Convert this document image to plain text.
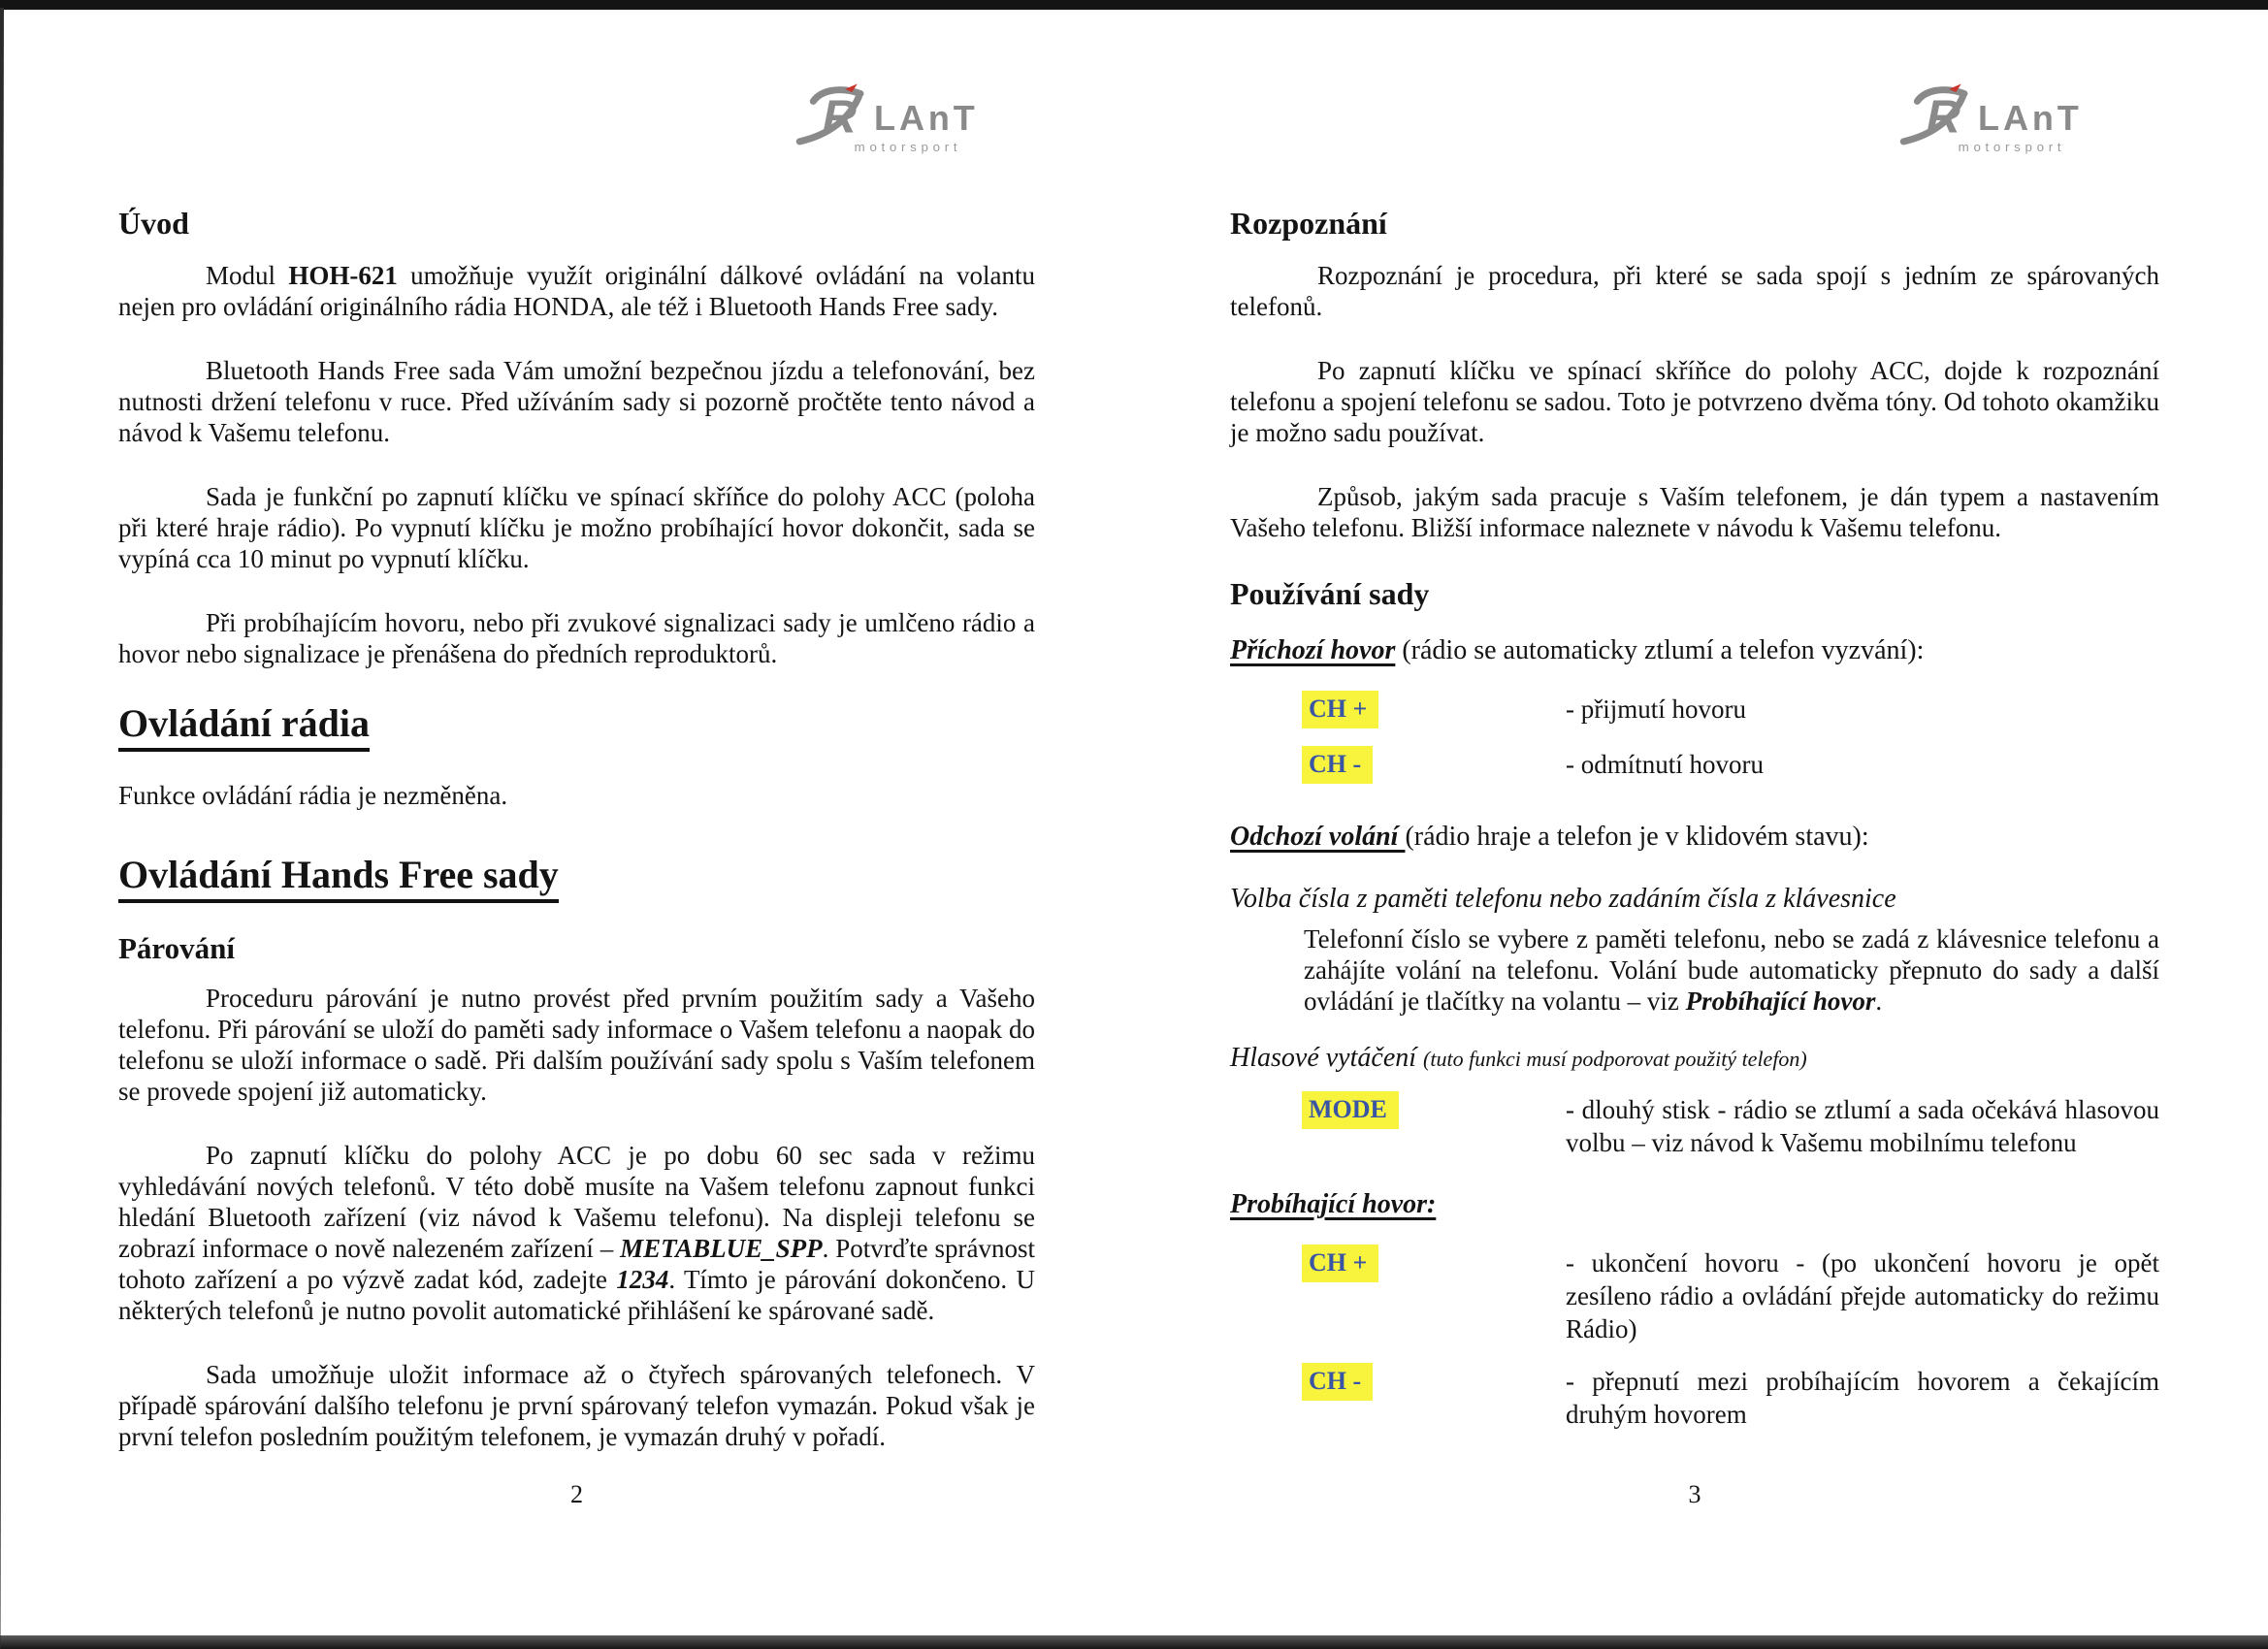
R LAnT
motorsport
R LAnT
motorsport
Úvod

Modul HOH-621 umožňuje využít originální dálkové ovládání na volantu nejen pro ovládání originálního rádia HONDA, ale též i Bluetooth Hands Free sady.

Bluetooth Hands Free sada Vám umožní bezpečnou jízdu a telefonování, bez nutnosti držení telefonu v ruce. Před užíváním sady si pozorně pročtěte tento návod a návod k Vašemu telefonu.

Sada je funkční po zapnutí klíčku ve spínací skříňce do polohy ACC (poloha při které hraje rádio). Po vypnutí klíčku je možno probíhající hovor dokončit, sada se vypíná cca 10 minut po vypnutí klíčku.

Při probíhajícím hovoru, nebo při zvukové signalizaci sady je umlčeno rádio a hovor nebo signalizace je přenášena do předních reproduktorů.

Ovládání rádia

Funkce ovládání rádia je nezměněna.

Ovládání Hands Free sady
Párování

Proceduru párování je nutno provést před prvním použitím sady a Vašeho telefonu. Při párování se uloží do paměti sady informace o Vašem telefonu a naopak do telefonu se uloží informace o sadě. Při dalším používání sady spolu s Vaším telefonem se provede spojení již automaticky.

Po zapnutí klíčku do polohy ACC je po dobu 60 sec sada v režimu vyhledávání nových telefonů. V této době musíte na Vašem telefonu zapnout funkci hledání Bluetooth zařízení (viz návod k Vašemu telefonu). Na displeji telefonu se zobrazí informace o nově nalezeném zařízení – METABLUE_SPP. Potvrďte správnost tohoto zařízení a po výzvě zadat kód, zadejte 1234. Tímto je párování dokončeno. U některých telefonů je nutno povolit automatické přihlášení ke spárované sadě.

Sada umožňuje uložit informace až o čtyřech spárovaných telefonech. V případě spárování dalšího telefonu je první spárovaný telefon vymazán. Pokud však je první telefon posledním použitým telefonem, je vymazán druhý v pořadí.

2
Rozpoznání

Rozpoznání je procedura, při které se sada spojí s jedním ze spárovaných telefonů.

Po zapnutí klíčku ve spínací skříňce do polohy ACC, dojde k rozpoznání telefonu a spojení telefonu se sadou. Toto je potvrzeno dvěma tóny. Od tohoto okamžiku je možno sadu používat.

Způsob, jakým sada pracuje s Vaším telefonem, je dán typem a nastavením Vašeho telefonu. Bližší informace naleznete v návodu k Vašemu telefonu.

Používání sady
Příchozí hovor (rádio se automaticky ztlumí a telefon vyzvání):
CH +	- přijmutí hovoru
CH -	- odmítnutí hovoru
Odchozí volání (rádio hraje a telefon je v klidovém stavu):
Volba čísla z paměti telefonu nebo zadáním čísla z klávesnice
Telefonní číslo se vybere z paměti telefonu, nebo se zadá z klávesnice telefonu a zahájíte volání na telefonu. Volání bude automaticky přepnuto do sady a další ovládání je tlačítky na volantu – viz Probíhající hovor.
Hlasové vytáčení (tuto funkci musí podporovat použitý telefon)
MODE	- dlouhý stisk - rádio se ztlumí a sada očekává hlasovou volbu – viz návod k Vašemu mobilnímu telefonu
Probíhající hovor:
CH +	- ukončení hovoru - (po ukončení hovoru je opět zesíleno rádio a ovládání přejde automaticky do režimu Rádio)
CH -	- přepnutí mezi probíhajícím hovorem a čekajícím druhým hovorem
3
